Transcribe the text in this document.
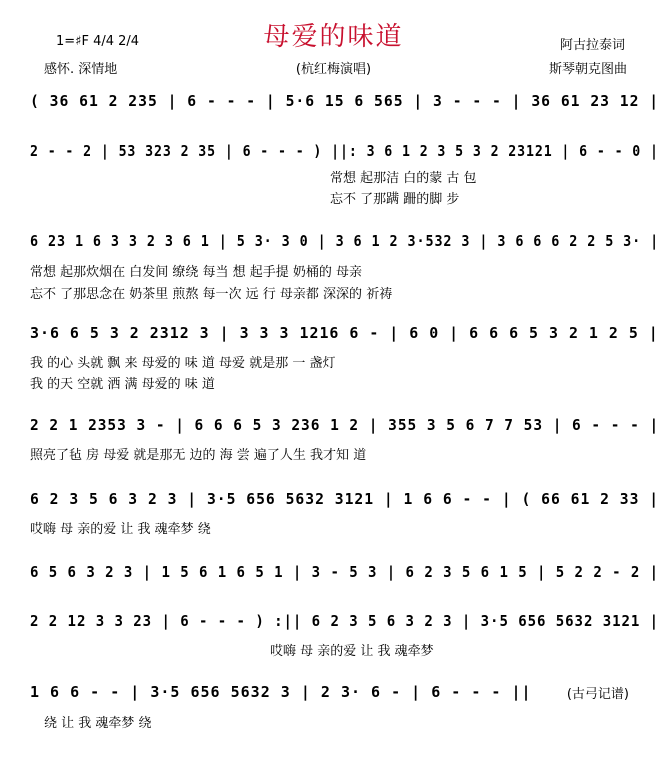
母爱的味道
1=♯F 4/4 2/4
感怀. 深情地	(杭红梅演唱)
阿古拉泰词
斯琴朝克图曲
( 36 61 2 235 | 6 - - - | 5·6 15 6 565 | 3 - - - | 36 61 23 12 |
2 - - 2 | 53 323 2 35 | 6 - - - ) ||: 3 6 1 2 3 5 3 2 23121 | 6 - - 0 |
常想 起那洁 白的蒙 古 包
忘不 了那蹒 跚的脚 步
6 23 1 6 3 3 2 3 6 1 | 5 3· 3 0 | 3 6 1 2 3·532 3 | 3 6 6 6 2 2 5 3· |
常想 起那炊烟在 白发间 缭绕 每当 想 起手提 奶桶的 母亲
忘不 了那思念在 奶茶里 煎熬 每一次 远 行 母亲都 深深的 祈祷
3·6 6 5 3 2 2312 3 | 3 3 3 1216 6 - | 6 0 | 6 6 6 5 3 2 1 2 5 |
我 的心 头就 飘 来 母爱的 味 道 母爱 就是那 一 盏灯
我 的天 空就 洒 满 母爱的 味 道
2 2 1 2353 3 - | 6 6 6 5 3 236 1 2 | 355 3 5 6 7 7 53 | 6 - - - |
照亮了毡 房 母爱 就是那无 边的 海 尝 遍了人生 我才知 道
6 2 3 5 6 3 2 3 | 3·5 656 5632 3121 | 1 6 6 - - | ( 66 61 2 33 |
哎嗨 母 亲的爱 让 我 魂牵梦 绕
6 5 6 3 2 3 | 1 5 6 1 6 5 1 | 3 - 5 3 | 6 2 3 5 6 1 5 | 5 2 2 - 2 |
2 2 12 3 3 23 | 6 - - - ) :|| 6 2 3 5 6 3 2 3 | 3·5 656 5632 3121 |
哎嗨 母 亲的爱 让 我 魂牵梦
1 6 6 - - | 3·5 656 5632 3 | 2 3· 6 - | 6 - - - ||
绕 让 我 魂牵梦 绕
(古弓记谱)
